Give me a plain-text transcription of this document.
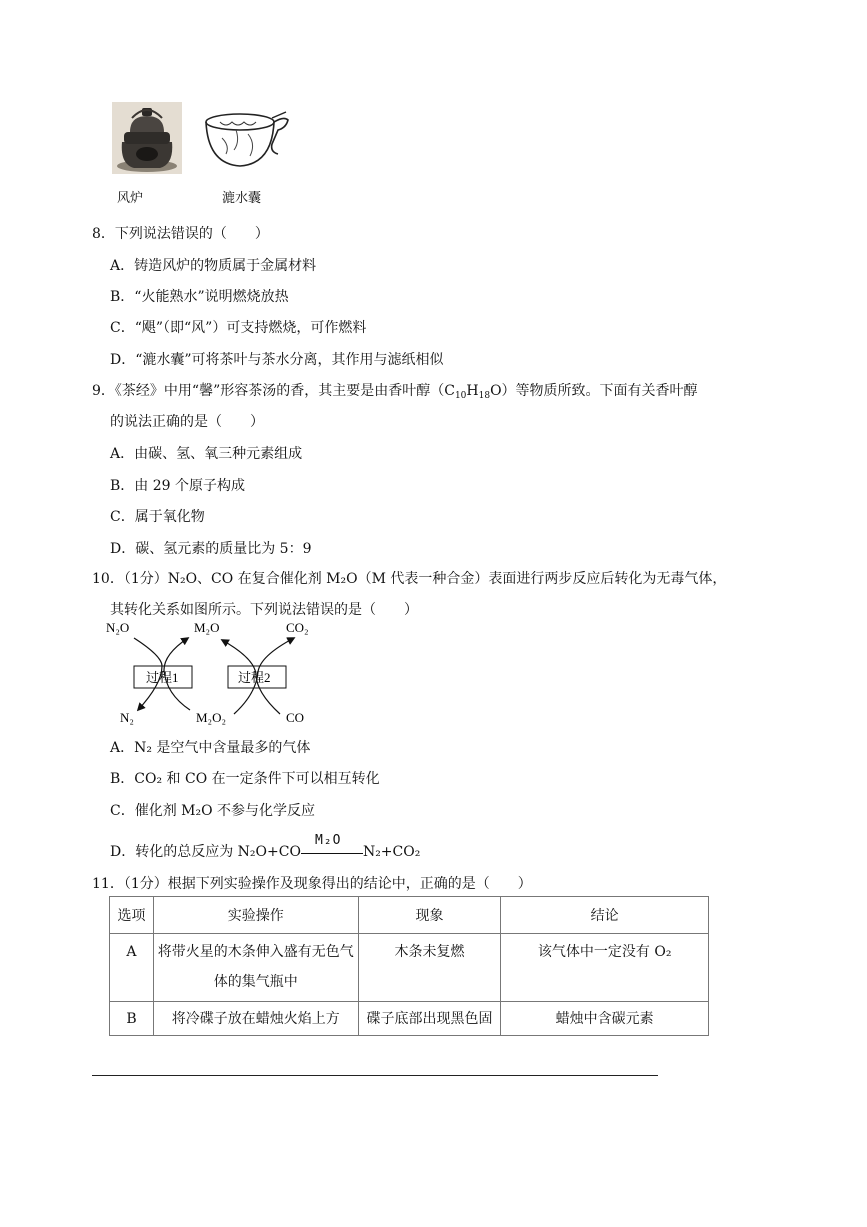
风炉	漉水囊
8．下列说法错误的（　　）
A．铸造风炉的物质属于金属材料
B．“火能熟水”说明燃烧放热
C．“飓”（即“风”）可支持燃烧，可作燃料
D．“漉水囊”可将茶叶与茶水分离，其作用与滤纸相似
9．《茶经》中用“馨”形容茶汤的香，其主要是由香叶醇$(C_{10}H_{18}O)$等物质所致。下面有关香叶醇
的说法正确的是（　　）
A．由碳、氢、氧三种元素组成
B．由 29 个原子构成
C．属于氧化物
D．碳、氢元素的质量比为 5：9
10．（1分）N₂O、CO 在复合催化剂 M₂O（M 代表一种合金）表面进行两步反应后转化为无毒气体，
其转化关系如图所示。下列说法错误的是（　　）
N₂O	M₂O	CO₂
过程1	过程2
N₂	M₂O₂	CO
A．N₂ 是空气中含量最多的气体
B．CO₂ 和 CO 在一定条件下可以相互转化
C．催化剂 M₂O 不参与化学反应
D．转化的总反应为 N₂O+CO
M₂O
N₂+CO₂
11．（1分）根据下列实验操作及现象得出的结论中，正确的是（　　）
选项	实验操作	现象	结论
A	将带火星的木条伸入盛有无色气
体的集气瓶中	木条未复燃	该气体中一定没有 O₂
B	将冷碟子放在蜡烛火焰上方	碟子底部出现黑色固	蜡烛中含碳元素
